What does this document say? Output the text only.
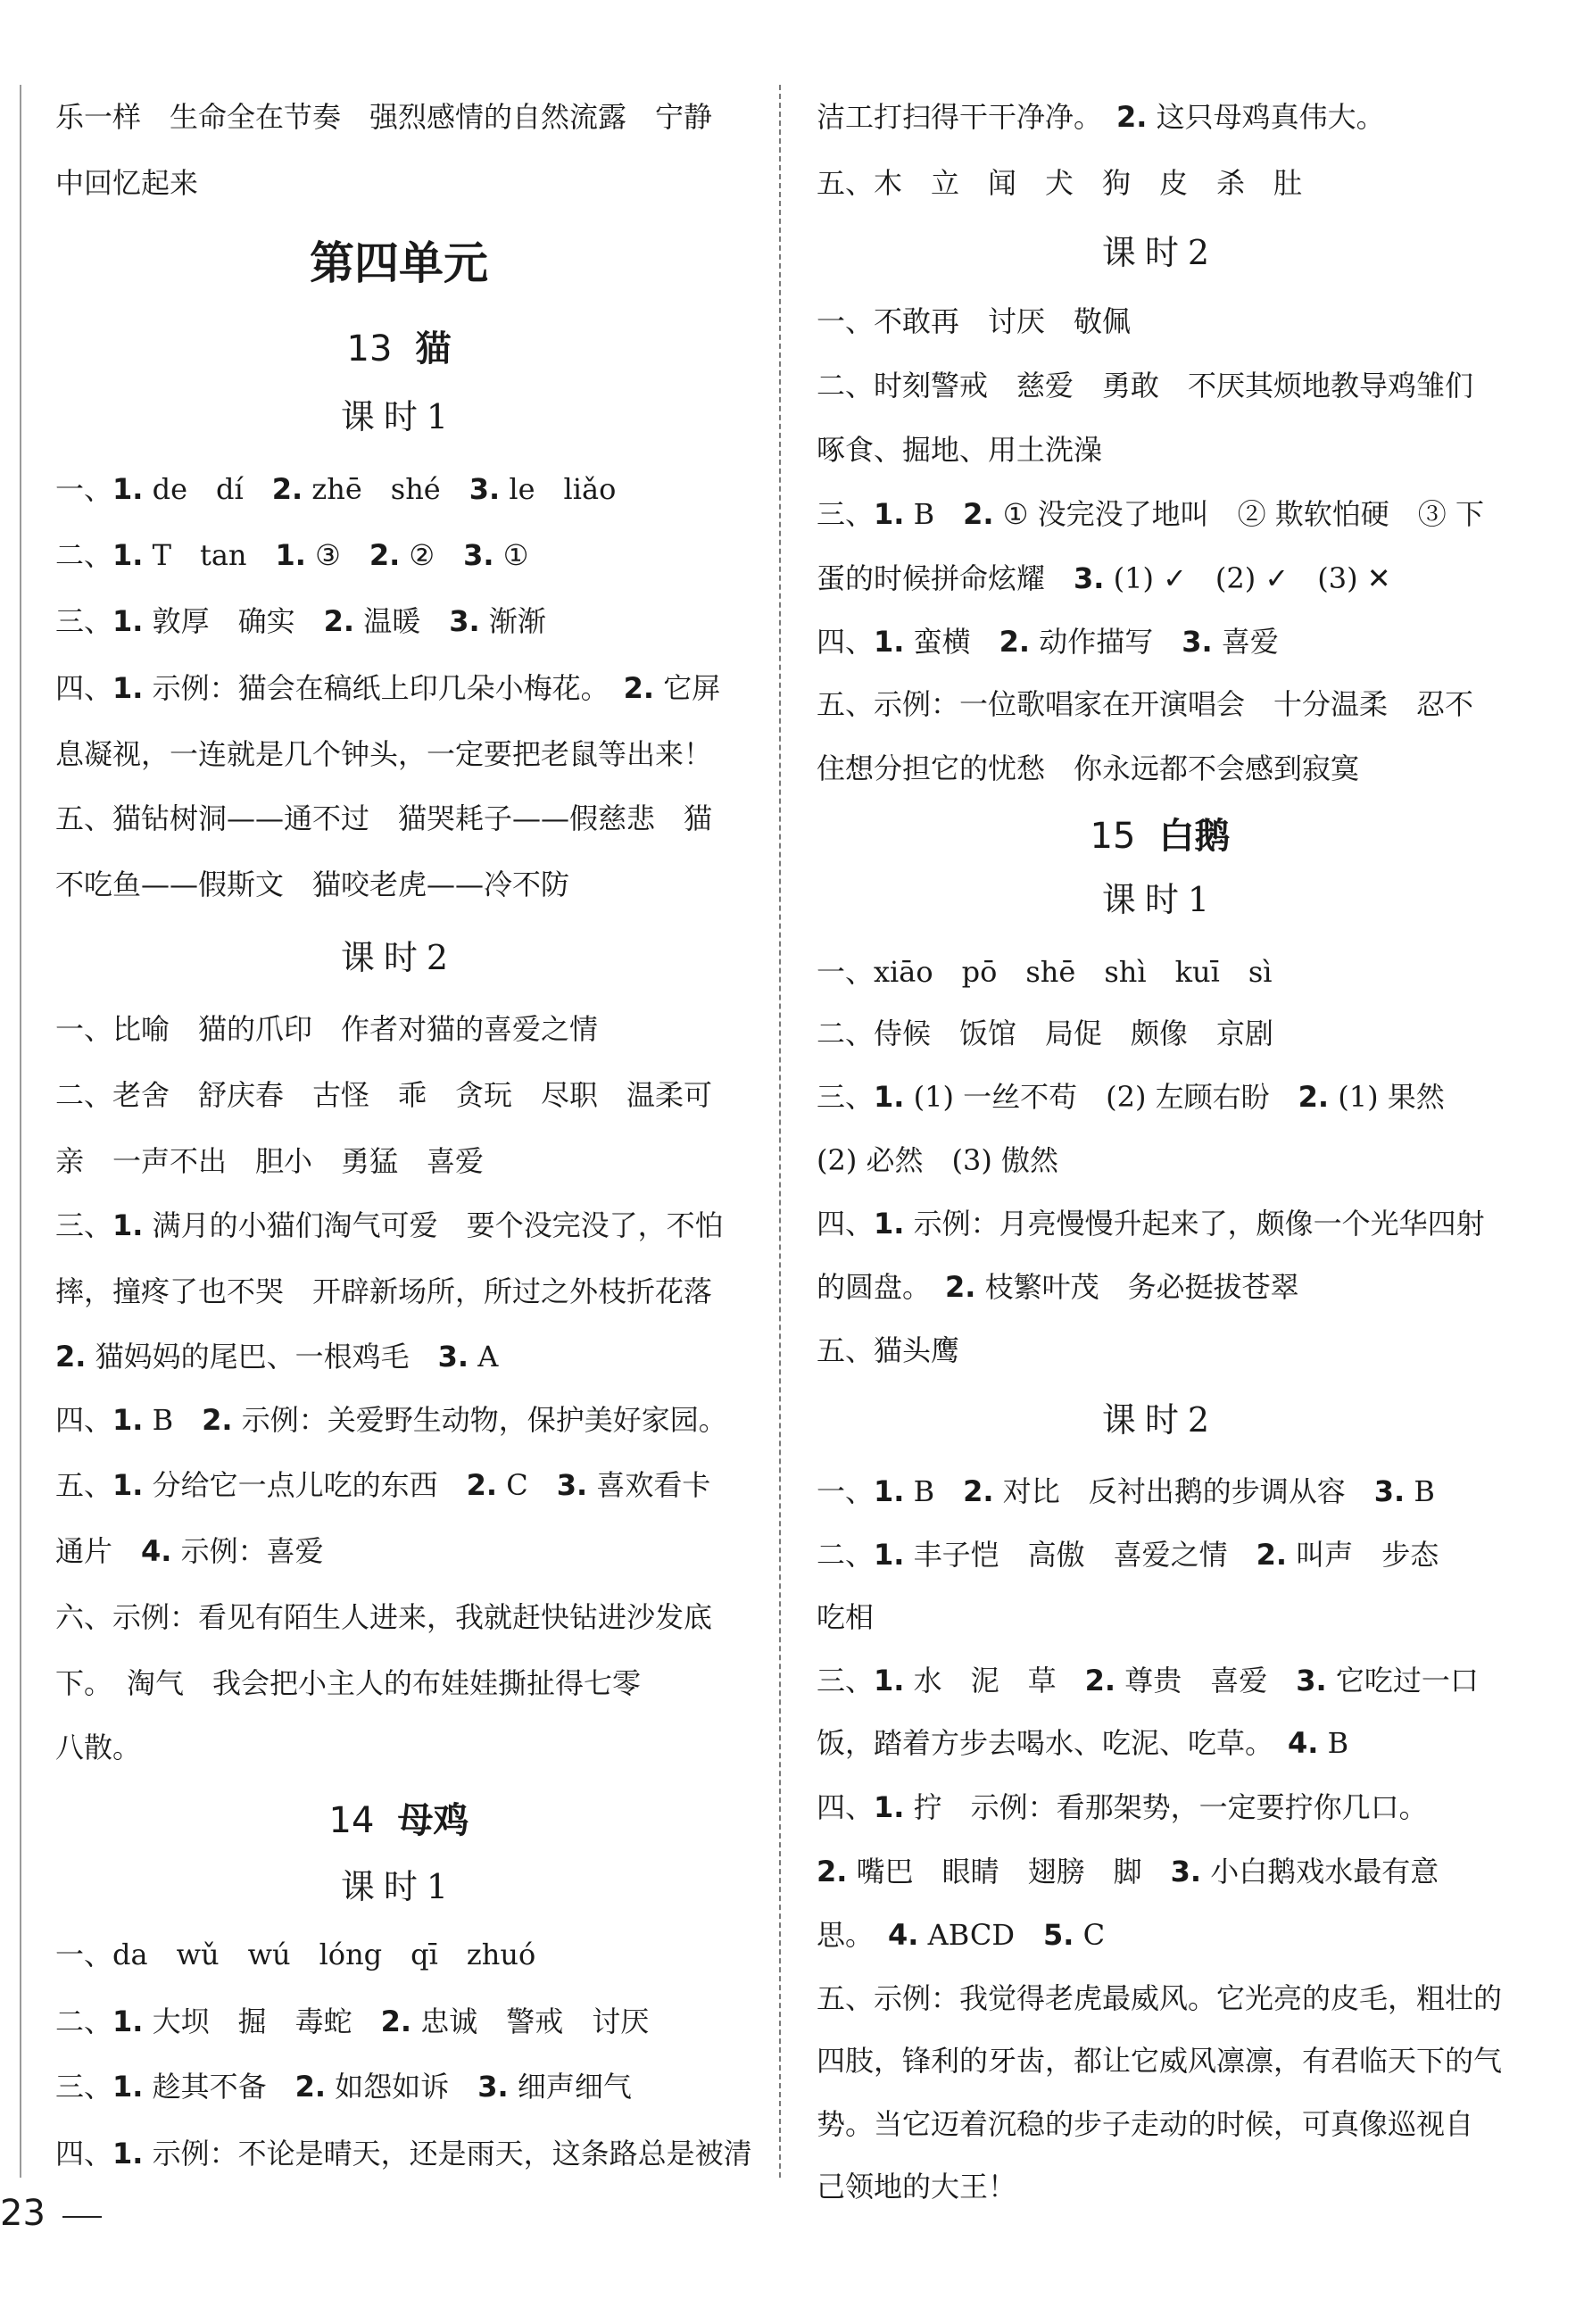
乐一样　生命全在节奏　强烈感情的自然流露　宁静
中回忆起来
第四单元
13 猫
课时1
一、1. de　dí　2. zhē　shé　3. le　liǎo
二、1. T　tan　1. ③　2. ②　3. ①
三、1. 敦厚　确实　2. 温暖　3. 渐渐
四、1. 示例：猫会在稿纸上印几朵小梅花。　2. 它屏
息凝视，一连就是几个钟头，一定要把老鼠等出来！
五、猫钻树洞——通不过　猫哭耗子——假慈悲　猫
不吃鱼——假斯文　猫咬老虎——冷不防
课时2
一、比喻　猫的爪印　作者对猫的喜爱之情
二、老舍　舒庆春　古怪　乖　贪玩　尽职　温柔可
亲　一声不出　胆小　勇猛　喜爱
三、1. 满月的小猫们淘气可爱　要个没完没了，不怕
摔，撞疼了也不哭　开辟新场所，所过之外枝折花落
2. 猫妈妈的尾巴、一根鸡毛　3. A
四、1. B　2. 示例：关爱野生动物，保护美好家园。
五、1. 分给它一点儿吃的东西　2. C　3. 喜欢看卡
通片　4. 示例：喜爱
六、示例：看见有陌生人进来，我就赶快钻进沙发底
下。　淘气　我会把小主人的布娃娃撕扯得七零
八散。
14 母鸡
课时1
一、da　wǔ　wú　lóng　qī　zhuó
二、1. 大坝　掘　毒蛇　2. 忠诚　警戒　讨厌
三、1. 趁其不备　2. 如怨如诉　3. 细声细气
四、1. 示例：不论是晴天，还是雨天，这条路总是被清
洁工打扫得干干净净。　2. 这只母鸡真伟大。
五、木　立　闻　犬　狗　皮　杀　肚
课时2
一、不敢再　讨厌　敬佩
二、时刻警戒　慈爱　勇敢　不厌其烦地教导鸡雏们
啄食、掘地、用土洗澡
三、1. B　2. ① 没完没了地叫　② 欺软怕硬　③ 下
蛋的时候拼命炫耀　3. (1) ✓　(2) ✓　(3) ✕
四、1. 蛮横　2. 动作描写　3. 喜爱
五、示例：一位歌唱家在开演唱会　十分温柔　忍不
住想分担它的忧愁　你永远都不会感到寂寞
15 白鹅
课时1
一、xiāo　pō　shē　shì　kuī　sì
二、侍候　饭馆　局促　颇像　京剧
三、1. (1) 一丝不苟　(2) 左顾右盼　2. (1) 果然
(2) 必然　(3) 傲然
四、1. 示例：月亮慢慢升起来了，颇像一个光华四射
的圆盘。　2. 枝繁叶茂　务必挺拔苍翠
五、猫头鹰
课时2
一、1. B　2. 对比　反衬出鹅的步调从容　3. B
二、1. 丰子恺　高傲　喜爱之情　2. 叫声　步态
吃相
三、1. 水　泥　草　2. 尊贵　喜爱　3. 它吃过一口
饭，踏着方步去喝水、吃泥、吃草。　4. B
四、1. 拧　示例：看那架势，一定要拧你几口。
2. 嘴巴　眼睛　翅膀　脚　3. 小白鹅戏水最有意
思。　4. ABCD　5. C
五、示例：我觉得老虎最威风。它光亮的皮毛，粗壮的
四肢，锋利的牙齿，都让它威风凛凛，有君临天下的气
势。当它迈着沉稳的步子走动的时候，可真像巡视自
己领地的大王！
23
